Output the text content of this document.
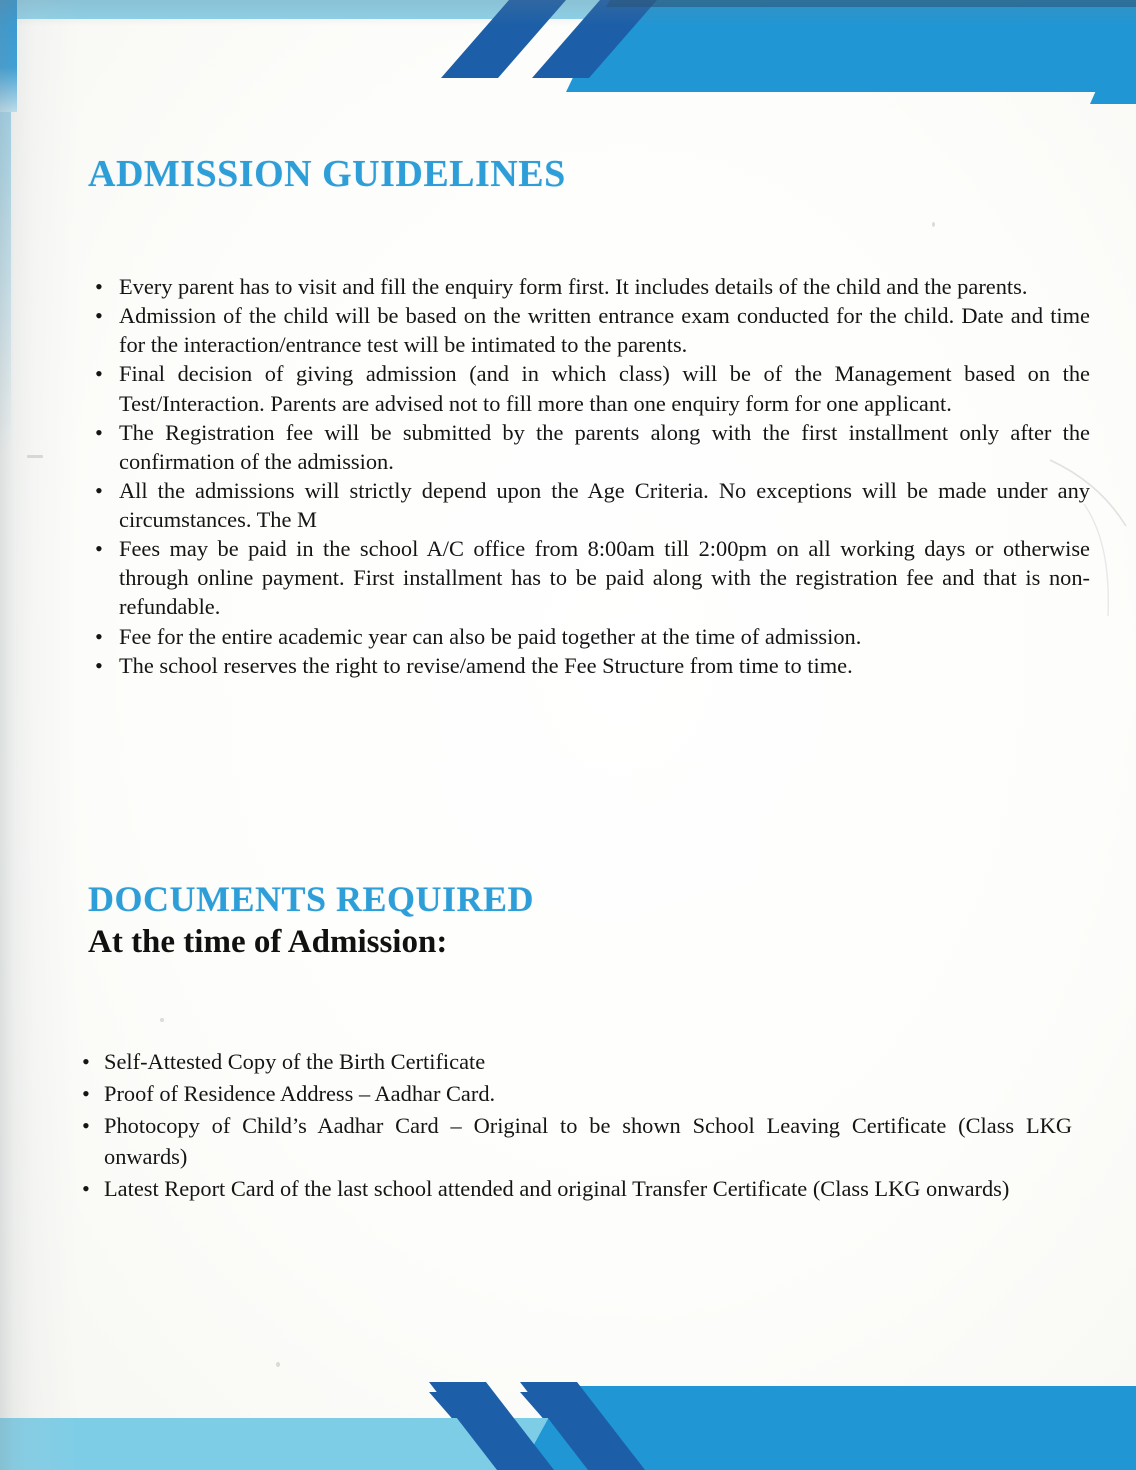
ADMISSION GUIDELINES
• Every parent has to visit and fill the enquiry form first. It includes details of the child and the parents.
• Admission of the child will be based on the written entrance exam conducted for the child. Date and time for the interaction/entrance test will be intimated to the parents.
• Final decision of giving admission (and in which class) will be of the Management based on the Test/Interaction. Parents are advised not to fill more than one enquiry form for one applicant.
• The Registration fee will be submitted by the parents along with the first installment only after the confirmation of the admission.
• All the admissions will strictly depend upon the Age Criteria. No exceptions will be made under any circumstances. The M
• Fees may be paid in the school A/C office from 8:00am till 2:00pm on all working days or otherwise through online payment. First installment has to be paid along with the registration fee and that is non-refundable.
• Fee for the entire academic year can also be paid together at the time of admission.
• The school reserves the right to revise/amend the Fee Structure from time to time.
DOCUMENTS REQUIRED
At the time of Admission:
• Self-Attested Copy of the Birth Certificate
• Proof of Residence Address – Aadhar Card.
• Photocopy of Child’s Aadhar Card – Original to be shown School Leaving Certificate (Class LKG onwards)
• Latest Report Card of the last school attended and original Transfer Certificate (Class LKG onwards)
